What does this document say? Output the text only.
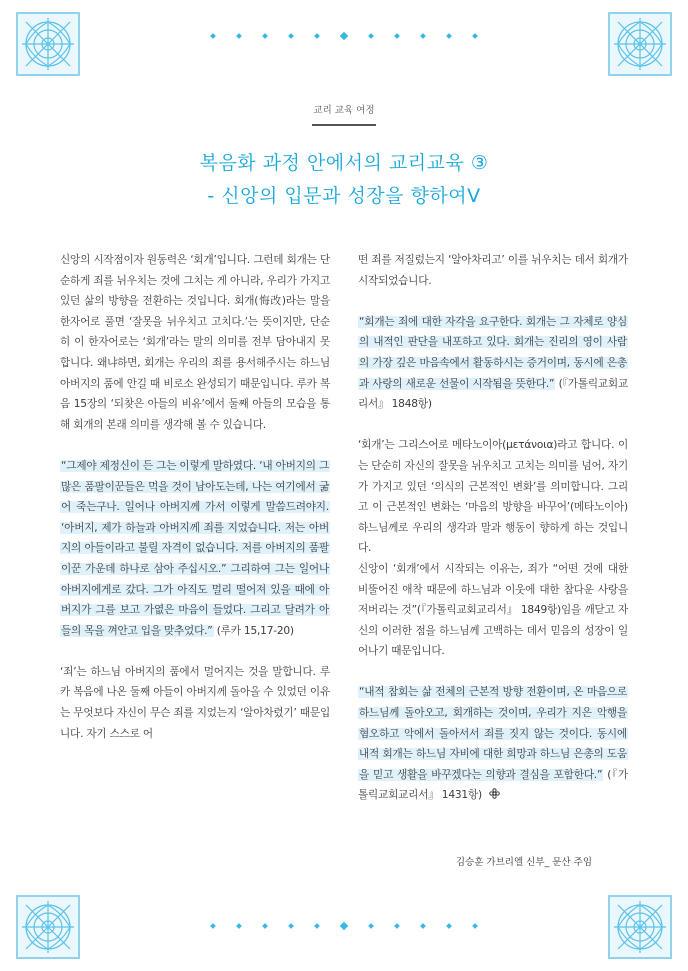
교리 교육 여정
복음화 과정 안에서의 교리교육 ③
- 신앙의 입문과 성장을 향하여Ⅴ

신앙의 시작점이자 원동력은 ‘회개’입니다. 그런데 회개는 단순하게 죄를 뉘우치는 것에 그치는 게 아니라, 우리가 가지고 있던 삶의 방향을 전환하는 것입니다. 회개(悔改)라는 말을 한자어로 풀면 ‘잘못을 뉘우치고 고치다.’는 뜻이지만, 단순히 이 한자어로는 ‘회개’라는 말의 의미를 전부 담아내지 못합니다. 왜냐하면, 회개는 우리의 죄를 용서해주시는 하느님 아버지의 품에 안길 때 비로소 완성되기 때문입니다. 루카 복음 15장의 ‘되찾은 아들의 비유’에서 둘째 아들의 모습을 통해 회개의 본래 의미를 생각해 볼 수 있습니다.

“그제야 제정신이 든 그는 이렇게 말하였다. ‘내 아버지의 그 많은 품팔이꾼들은 먹을 것이 남아도는데, 나는 여기에서 굶어 죽는구나. 일어나 아버지께 가서 이렇게 말씀드려야지. ‘아버지, 제가 하늘과 아버지께 죄를 지었습니다. 저는 아버지의 아들이라고 불릴 자격이 없습니다. 저를 아버지의 품팔이꾼 가운데 하나로 삼아 주십시오.” 그리하여 그는 일어나 아버지에게로 갔다. 그가 아직도 멀리 떨어져 있을 때에 아버지가 그를 보고 가엾은 마음이 들었다. 그리고 달려가 아들의 목을 껴안고 입을 맞추었다.” (루카 15,17-20)

‘죄’는 하느님 아버지의 품에서 멀어지는 것을 말합니다. 루카 복음에 나온 둘째 아들이 아버지께 돌아올 수 있었던 이유는 무엇보다 자신이 무슨 죄를 지었는지 ‘알아차렸기’ 때문입니다. 자기 스스로 어

떤 죄를 저질렀는지 ‘알아차리고’ 이를 뉘우치는 데서 회개가 시작되었습니다.

“회개는 죄에 대한 자각을 요구한다. 회개는 그 자체로 양심의 내적인 판단을 내포하고 있다. 회개는 진리의 영이 사람의 가장 깊은 마음속에서 활동하시는 증거이며, 동시에 은총과 사랑의 새로운 선물이 시작됨을 뜻한다.” (『가톨릭교회교리서』 1848항)

‘회개’는 그리스어로 메타노이아(μετάνοια)라고 합니다. 이는 단순히 자신의 잘못을 뉘우치고 고치는 의미를 넘어, 자기가 가지고 있던 ‘의식의 근본적인 변화’를 의미합니다. 그리고 이 근본적인 변화는 ‘마음의 방향을 바꾸어’(메타노이아) 하느님께로 우리의 생각과 말과 행동이 향하게 하는 것입니다.

신앙이 ‘회개’에서 시작되는 이유는, 죄가 “어떤 것에 대한 비뚤어진 애착 때문에 하느님과 이웃에 대한 참다운 사랑을 저버리는 것”(『가톨릭교회교리서』 1849항)임을 깨닫고 자신의 이러한 점을 하느님께 고백하는 데서 믿음의 성장이 일어나기 때문입니다.

“내적 참회는 삶 전체의 근본적 방향 전환이며, 온 마음으로 하느님께 돌아오고, 회개하는 것이며, 우리가 지은 악행을 혐오하고 악에서 돌아서서 죄를 짓지 않는 것이다. 동시에 내적 회개는 하느님 자비에 대한 희망과 하느님 은총의 도움을 믿고 생활을 바꾸겠다는 의향과 결심을 포함한다.” (『가톨릭교회교리서』 1431항)

김승훈 가브리엘 신부_ 문산 주임
